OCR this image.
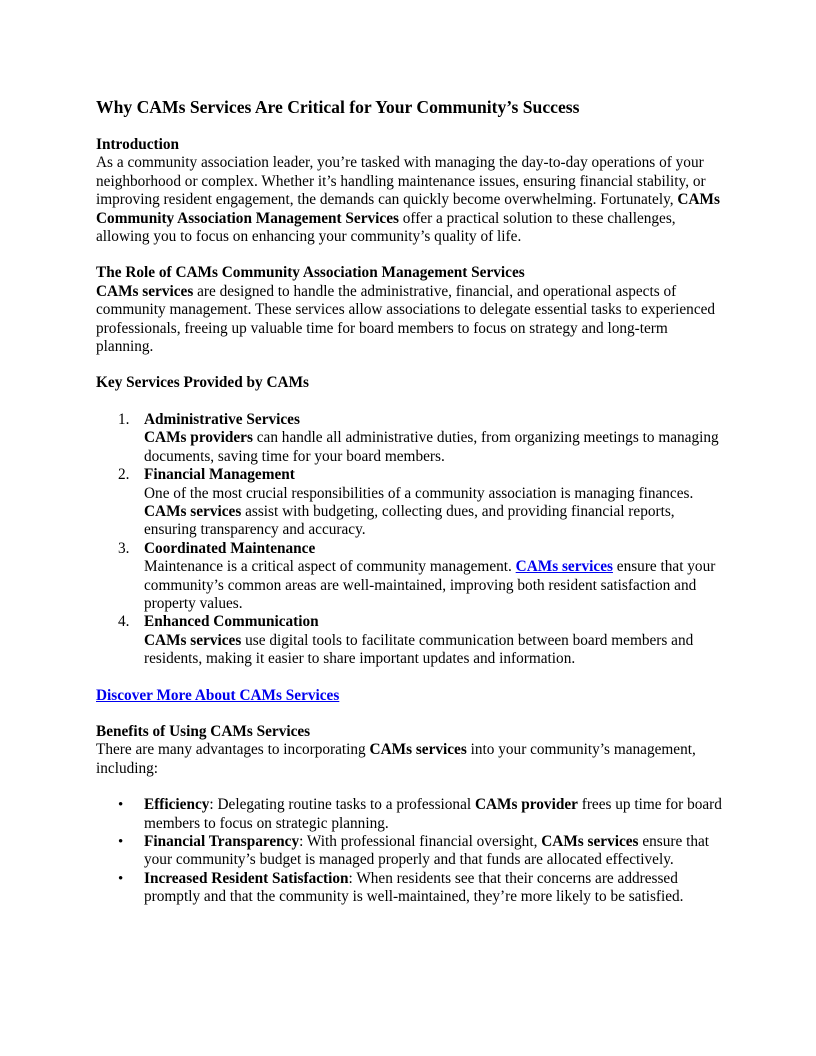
Why CAMs Services Are Critical for Your Community’s Success
Introduction

As a community association leader, you’re tasked with managing the day-to-day operations of your neighborhood or complex. Whether it’s handling maintenance issues, ensuring financial stability, or improving resident engagement, the demands can quickly become overwhelming. Fortunately, CAMs Community Association Management Services offer a practical solution to these challenges, allowing you to focus on enhancing your community’s quality of life.

The Role of CAMs Community Association Management Services

CAMs services are designed to handle the administrative, financial, and operational aspects of community management. These services allow associations to delegate essential tasks to experienced professionals, freeing up valuable time for board members to focus on strategy and long-term planning.

Key Services Provided by CAMs
1. Administrative Services
CAMs providers can handle all administrative duties, from organizing meetings to managing documents, saving time for your board members.
2. Financial Management
One of the most crucial responsibilities of a community association is managing finances.
CAMs services assist with budgeting, collecting dues, and providing financial reports, ensuring transparency and accuracy.
3. Coordinated Maintenance
Maintenance is a critical aspect of community management. CAMs services ensure that your community’s common areas are well-maintained, improving both resident satisfaction and property values.
4. Enhanced Communication
CAMs services use digital tools to facilitate communication between board members and residents, making it easier to share important updates and information.
Discover More About CAMs Services
Benefits of Using CAMs Services

There are many advantages to incorporating CAMs services into your community’s management, including:

• Efficiency: Delegating routine tasks to a professional CAMs provider frees up time for board members to focus on strategic planning.
• Financial Transparency: With professional financial oversight, CAMs services ensure that your community’s budget is managed properly and that funds are allocated effectively.
• Increased Resident Satisfaction: When residents see that their concerns are addressed promptly and that the community is well-maintained, they’re more likely to be satisfied.
